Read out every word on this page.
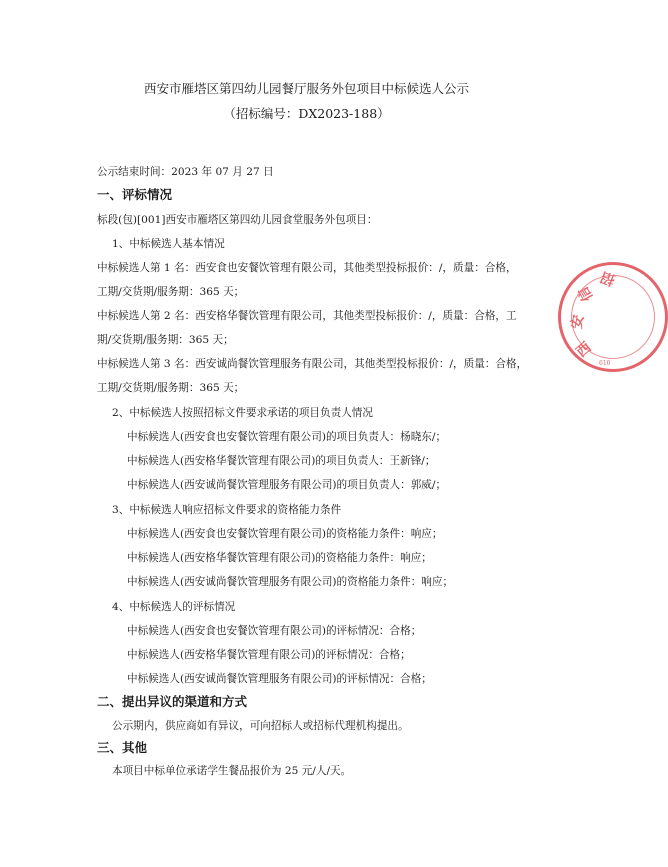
西安市雁塔区第四幼儿园餐厅服务外包项目中标候选人公示
（招标编号：DX2023-188）
公示结束时间：2023 年 07 月 27 日
一、评标情况
标段(包)[001]西安市雁塔区第四幼儿园食堂服务外包项目：
1、中标候选人基本情况
中标候选人第 1 名：西安食也安餐饮管理有限公司，其他类型投标报价：/，质量：合格，
工期/交货期/服务期：365 天；
中标候选人第 2 名：西安格华餐饮管理有限公司，其他类型投标报价：/，质量：合格，工
期/交货期/服务期：365 天；
中标候选人第 3 名：西安诚尚餐饮管理服务有限公司，其他类型投标报价：/，质量：合格，
工期/交货期/服务期：365 天；
2、中标候选人按照招标文件要求承诺的项目负责人情况
中标候选人(西安食也安餐饮管理有限公司)的项目负责人：杨晓东/；
中标候选人(西安格华餐饮管理有限公司)的项目负责人：王新锋/；
中标候选人(西安诚尚餐饮管理服务有限公司)的项目负责人：郭威/；
3、中标候选人响应招标文件要求的资格能力条件
中标候选人(西安食也安餐饮管理有限公司)的资格能力条件：响应；
中标候选人(西安格华餐饮管理有限公司)的资格能力条件：响应；
中标候选人(西安诚尚餐饮管理服务有限公司)的资格能力条件：响应；
4、中标候选人的评标情况
中标候选人(西安食也安餐饮管理有限公司)的评标情况：合格；
中标候选人(西安格华餐饮管理有限公司)的评标情况：合格；
中标候选人(西安诚尚餐饮管理服务有限公司)的评标情况：合格；
二、提出异议的渠道和方式
公示期内，供应商如有异议，可向招标人或招标代理机构提出。
三、其他
本项目中标单位承诺学生餐品报价为 25 元/人/天。
西
安
信
招
610
